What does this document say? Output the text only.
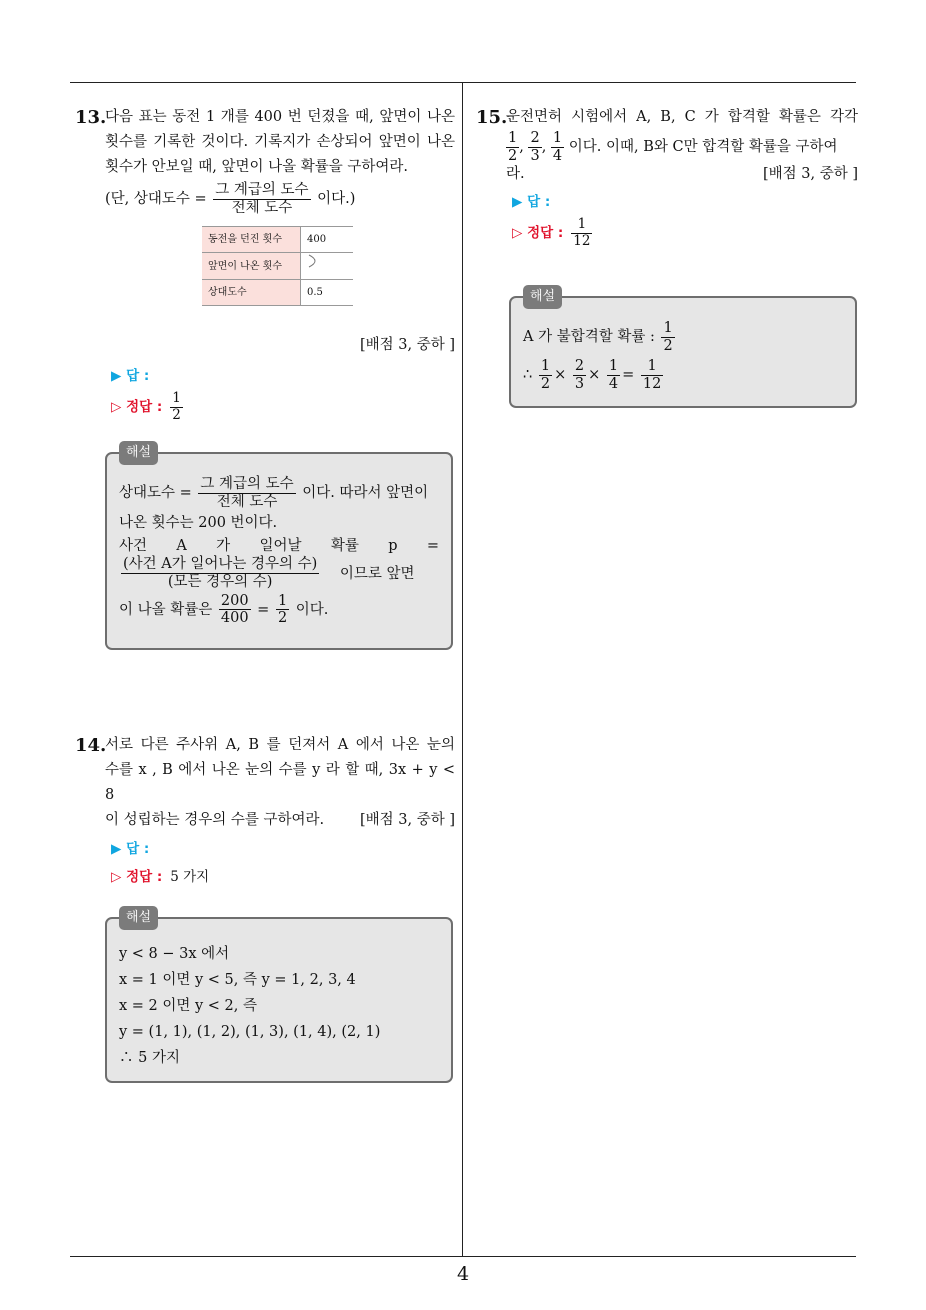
4
13.

다음 표는 동전 1 개를 400 번 던졌을 때, 앞면이 나온

횟수를 기록한 것이다. 기록지가 손상되어 앞면이 나온

횟수가 안보일 때, 앞면이 나올 확률을 구하여라.

(단, 상대도수 = $\frac{\text{그 계급의 도수}}{\text{전체 도수}}$ 이다.)

동전을 던진 횟수	400
앞면이 나온 횟수	
상대도수	0.5

[배점 3, 중하 ]

▶ 답 :
▷ 정답 : $\frac{1}{2}$
해설

상대도수 = $\frac{\text{그 계급의 도수}}{\text{전체 도수}}$ 이다. 따라서 앞면이

나온 횟수는 200 번이다.

사건 A 가 일어날 확률 p =

$\frac{\text{(사건 A가 일어나는 경우의 수)}}{\text{(모든 경우의 수)}}$ 이므로 앞면

이 나올 확률은 $\frac{200}{400} = \frac{1}{2}$ 이다.

14.

서로 다른 주사위 A, B 를 던져서 A 에서 나온 눈의

수를 x , B 에서 나온 눈의 수를 y 라 할 때, 3x + y < 8

이 성립하는 경우의 수를 구하여라. [배점 3, 중하 ]

▶ 답 :
▷ 정답 : 5 가지
해설

y < 8 − 3x 에서

x = 1 이면 y < 5, 즉 y = 1, 2, 3, 4

x = 2 이면 y < 2, 즉

y = (1, 1), (1, 2), (1, 3), (1, 4), (2, 1)

∴ 5 가지

15.

운전면허 시험에서 A, B, C 가 합격할 확률은 각각

$\frac{1}{2}$ , $\frac{2}{3}$ , $\frac{1}{4}$ 이다. 이때, B와 C만 합격할 확률을 구하여

라.	[배점 3, 중하 ]

▶ 답 :
▷ 정답 : $\frac{1}{12}$
해설

A 가 불합격할 확률 : $\frac{1}{2}$

∴ $\frac{1}{2} \times \frac{2}{3} \times \frac{1}{4} = \frac{1}{12}$
